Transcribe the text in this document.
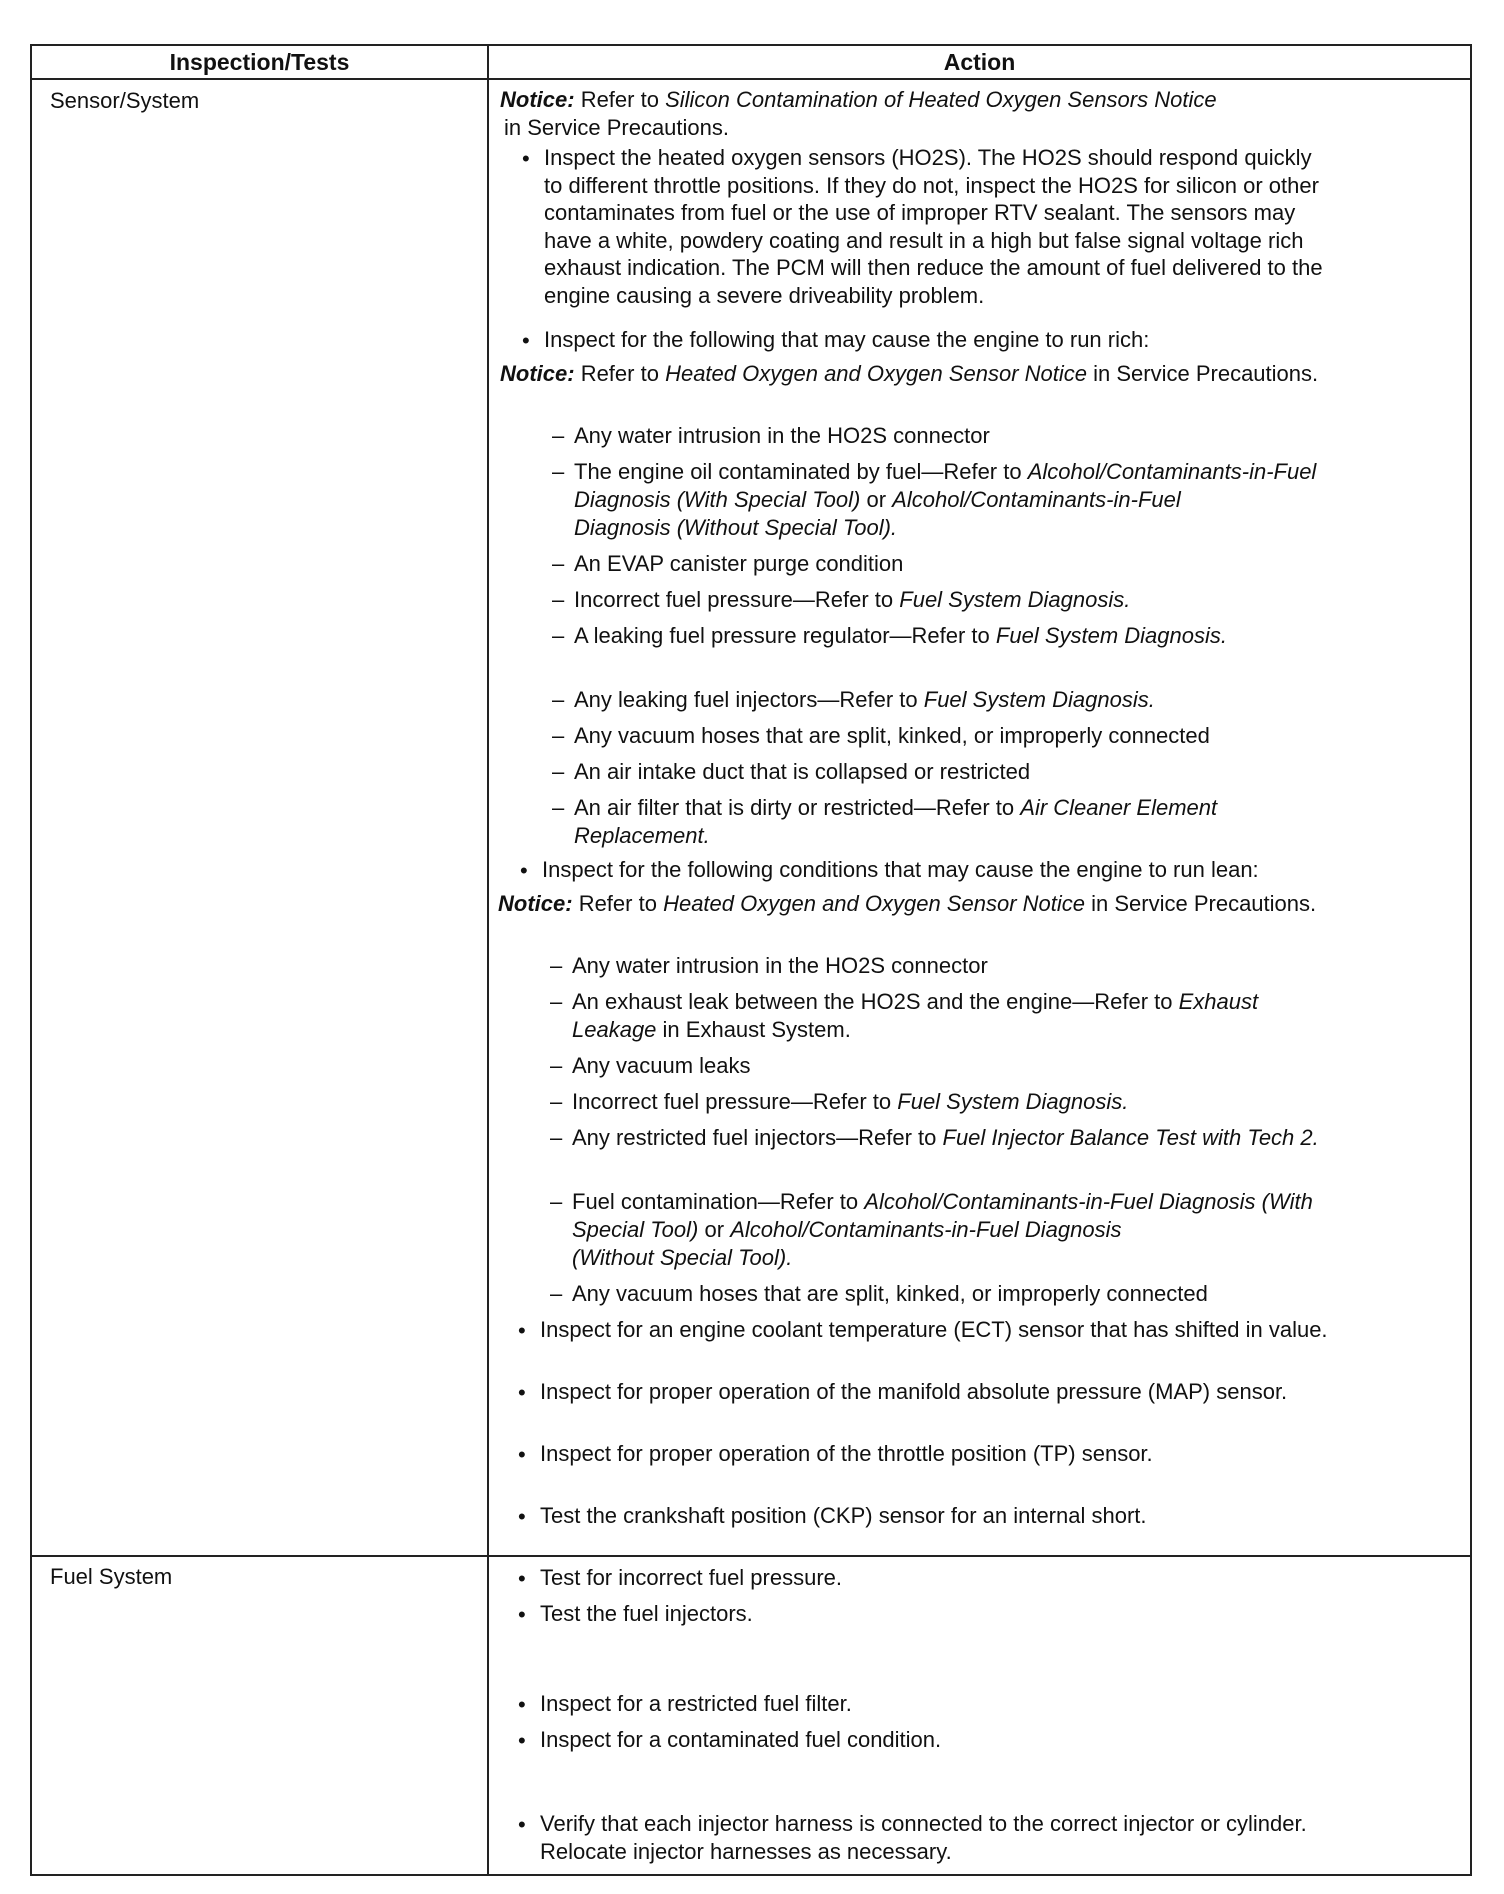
Inspection/Tests	Action
Sensor/System
Fuel System
Notice: Refer to Silicon Contamination of Heated Oxygen Sensors Notice
in Service Precautions.
• Inspect the heated oxygen sensors (HO2S). The HO2S should respond quickly
to different throttle positions. If they do not, inspect the HO2S for silicon or other
contaminates from fuel or the use of improper RTV sealant. The sensors may
have a white, powdery coating and result in a high but false signal voltage rich
exhaust indication. The PCM will then reduce the amount of fuel delivered to the
engine causing a severe driveability problem.
• Inspect for the following that may cause the engine to run rich:
Notice: Refer to Heated Oxygen and Oxygen Sensor Notice in Service Precautions.
– Any water intrusion in the HO2S connector
– The engine oil contaminated by fuel—Refer to Alcohol/Contaminants-in-Fuel
Diagnosis (With Special Tool) or Alcohol/Contaminants-in-Fuel
Diagnosis (Without Special Tool).
– An EVAP canister purge condition
– Incorrect fuel pressure—Refer to Fuel System Diagnosis.
– A leaking fuel pressure regulator—Refer to Fuel System Diagnosis.
– Any leaking fuel injectors—Refer to Fuel System Diagnosis.
– Any vacuum hoses that are split, kinked, or improperly connected
– An air intake duct that is collapsed or restricted
– An air filter that is dirty or restricted—Refer to Air Cleaner Element
Replacement.
• Inspect for the following conditions that may cause the engine to run lean:
Notice: Refer to Heated Oxygen and Oxygen Sensor Notice in Service Precautions.
– Any water intrusion in the HO2S connector
– An exhaust leak between the HO2S and the engine—Refer to Exhaust
Leakage in Exhaust System.
– Any vacuum leaks
– Incorrect fuel pressure—Refer to Fuel System Diagnosis.
– Any restricted fuel injectors—Refer to Fuel Injector Balance Test with Tech 2.
– Fuel contamination—Refer to Alcohol/Contaminants-in-Fuel Diagnosis (With
Special Tool) or Alcohol/Contaminants-in-Fuel Diagnosis
(Without Special Tool).
– Any vacuum hoses that are split, kinked, or improperly connected
• Inspect for an engine coolant temperature (ECT) sensor that has shifted in value.
• Inspect for proper operation of the manifold absolute pressure (MAP) sensor.
• Inspect for proper operation of the throttle position (TP) sensor.
• Test the crankshaft position (CKP) sensor for an internal short.
• Test for incorrect fuel pressure.
• Test the fuel injectors.
• Inspect for a restricted fuel filter.
• Inspect for a contaminated fuel condition.
• Verify that each injector harness is connected to the correct injector or cylinder.
Relocate injector harnesses as necessary.
